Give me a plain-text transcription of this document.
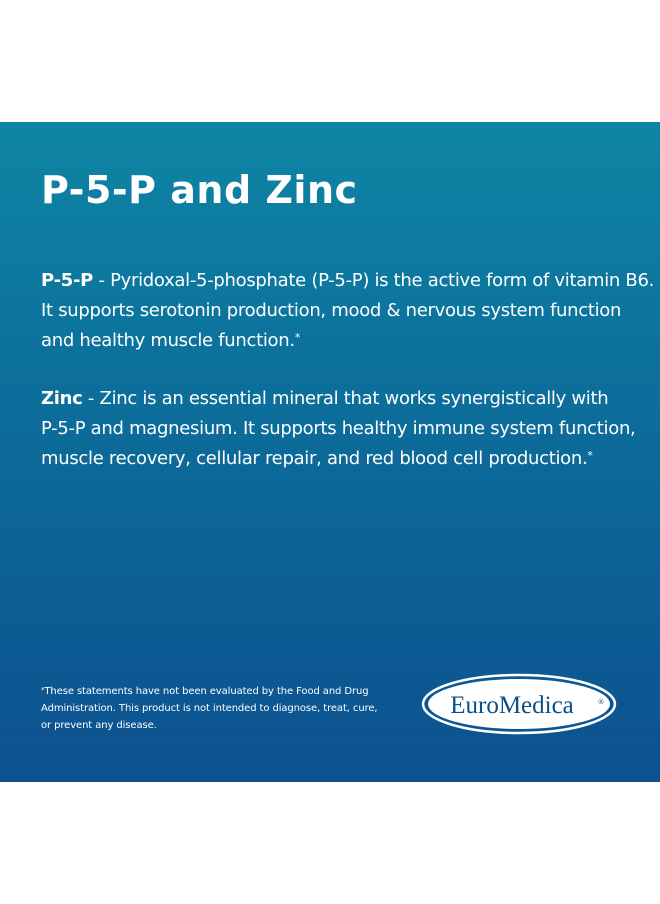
P-5-P and Zinc

P-5-P - Pyridoxal-5-phosphate (P-5-P) is the active form of vitamin B6.
It supports serotonin production, mood & nervous system function
and healthy muscle function.*

Zinc - Zinc is an essential mineral that works synergistically with
P-5-P and magnesium. It supports healthy immune system function,
muscle recovery, cellular repair, and red blood cell production.*

*These statements have not been evaluated by the Food and Drug
Administration. This product is not intended to diagnose, treat, cure,
or prevent any disease.

EuroMedica	®
